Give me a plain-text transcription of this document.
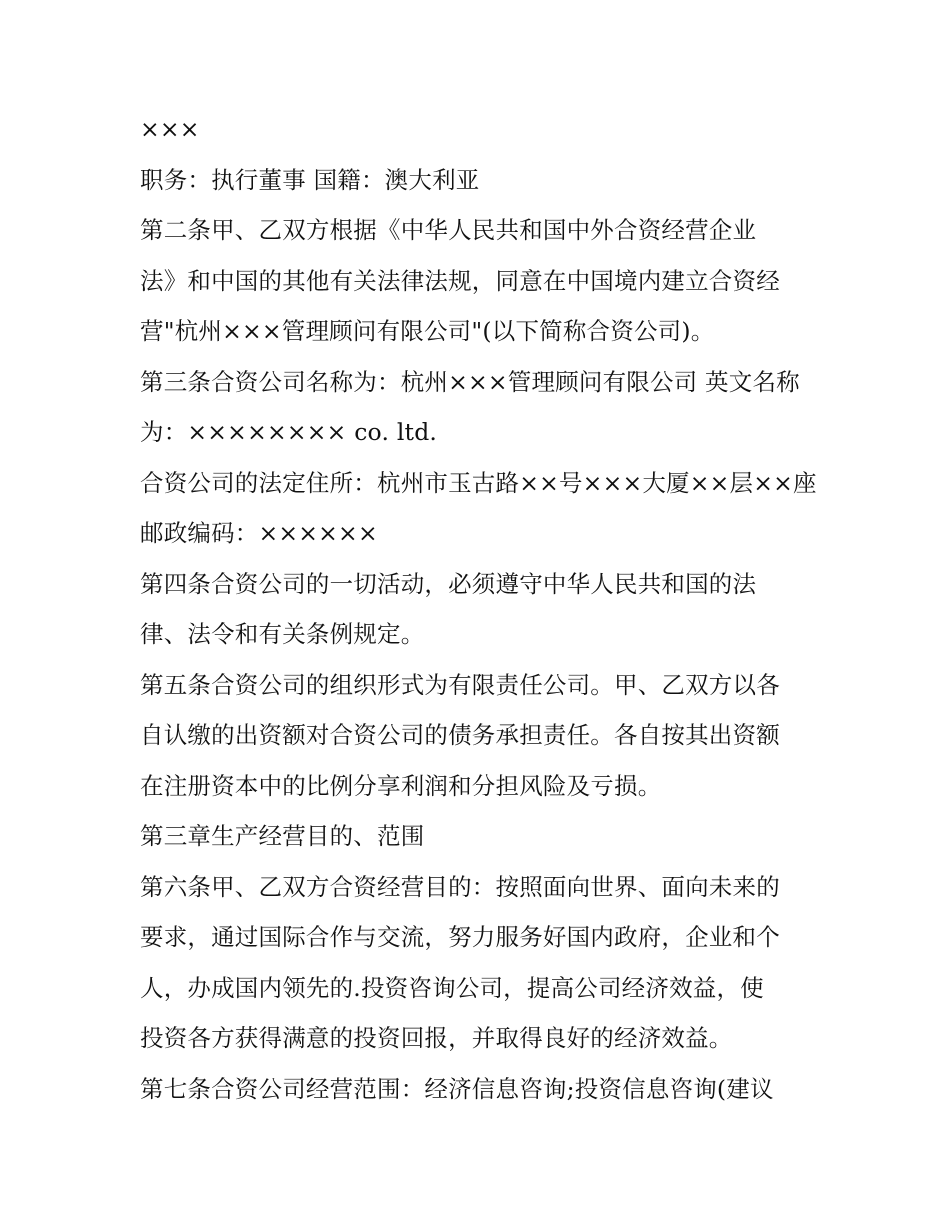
×××
职务：执行董事 国籍：澳大利亚
第二条甲、乙双方根据《中华人民共和国中外合资经营企业
法》和中国的其他有关法律法规，同意在中国境内建立合资经
营"杭州×××管理顾问有限公司"(以下简称合资公司)。
第三条合资公司名称为：杭州×××管理顾问有限公司 英文名称
为：×××××××× co. ltd.
合资公司的法定住所：杭州市玉古路××号×××大厦××层××座
邮政编码：××××××
第四条合资公司的一切活动，必须遵守中华人民共和国的法
律、法令和有关条例规定。
第五条合资公司的组织形式为有限责任公司。甲、乙双方以各
自认缴的出资额对合资公司的债务承担责任。各自按其出资额
在注册资本中的比例分享利润和分担风险及亏损。
第三章生产经营目的、范围
第六条甲、乙双方合资经营目的：按照面向世界、面向未来的
要求，通过国际合作与交流，努力服务好国内政府，企业和个
人，办成国内领先的.投资咨询公司，提高公司经济效益，使
投资各方获得满意的投资回报，并取得良好的经济效益。
第七条合资公司经营范围：经济信息咨询;投资信息咨询(建议
